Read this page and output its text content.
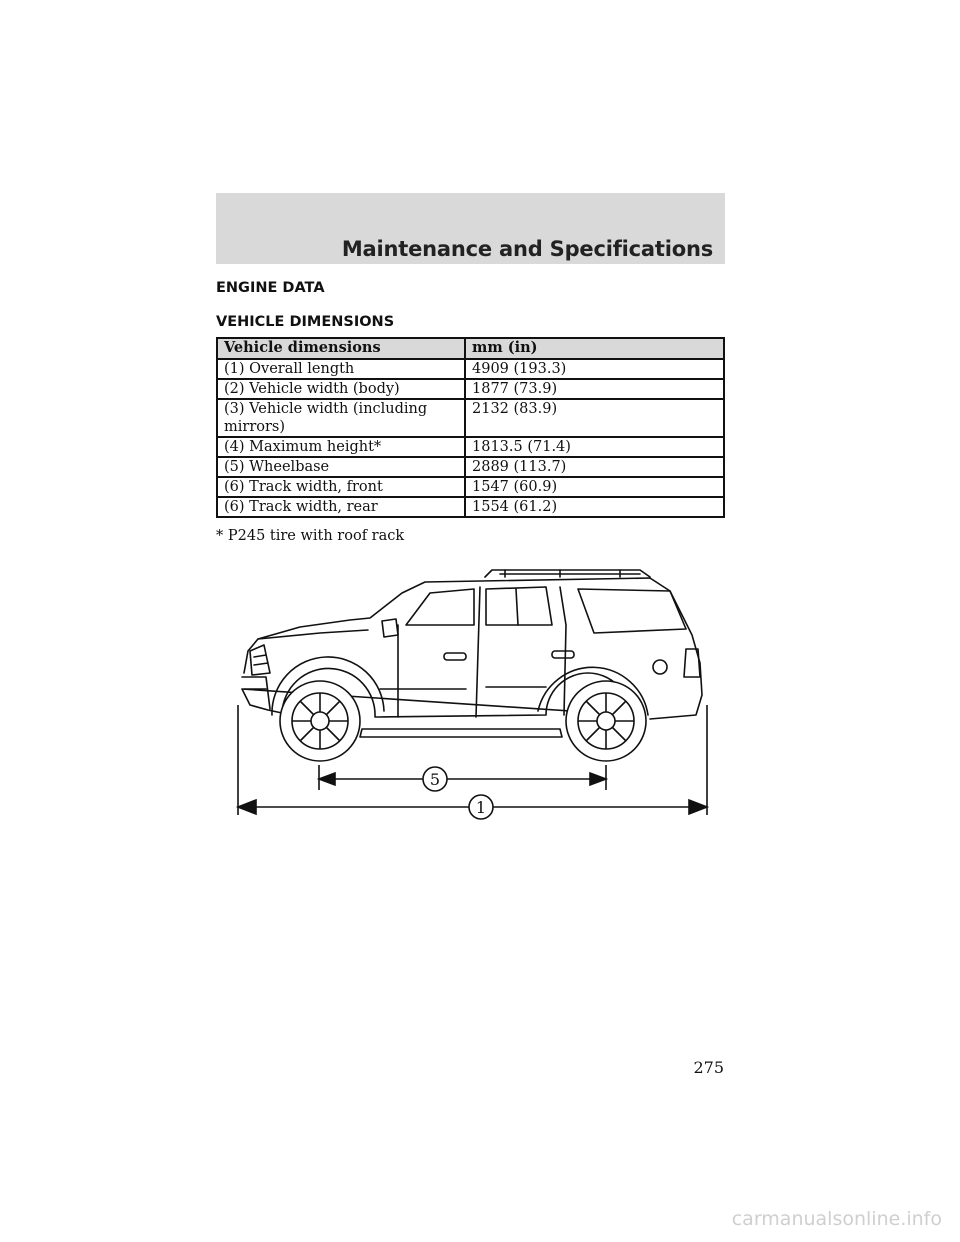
Maintenance and Specifications
ENGINE DATA
VEHICLE DIMENSIONS
Vehicle dimensions	mm (in)
(1) Overall length	4909 (193.3)
(2) Vehicle width (body)	1877 (73.9)
(3) Vehicle width (including mirrors)	2132 (83.9)
(4) Maximum height*	1813.5 (71.4)
(5) Wheelbase	2889 (113.7)
(6) Track width, front	1547 (60.9)
(6) Track width, rear	1554 (61.2)
* P245 tire with roof rack
5
1
275
carmanualsonline.info
